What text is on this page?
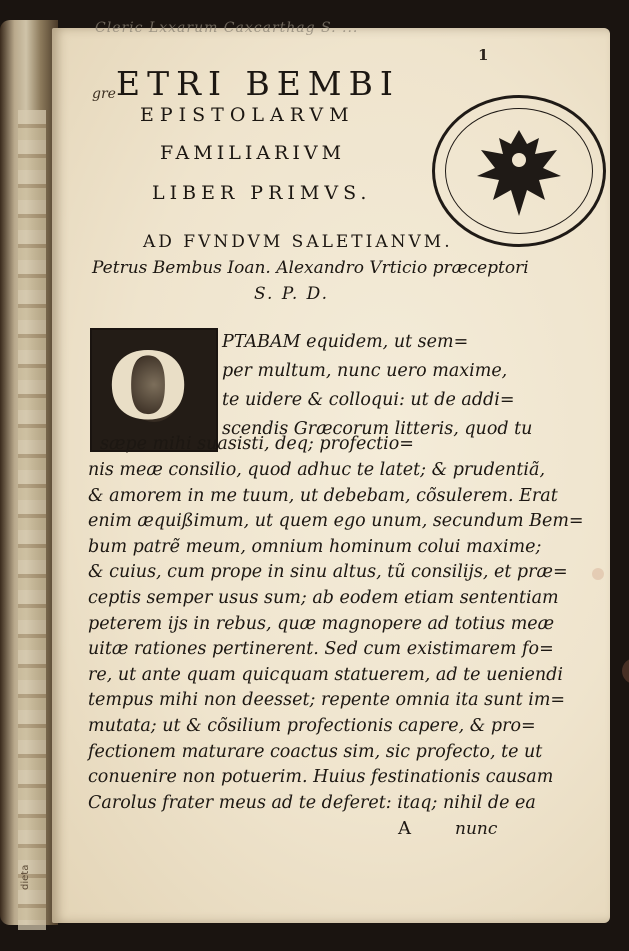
dieta
Cleric Lxxarum Caxcarthag S. ...
1
gre ETRI BEMBI
EPISTOLARVM
FAMILIARIVM
LIBER PRIMVS.
AD FVNDVM SALETIANVM.
Petrus Bembus Ioan. Alexandro Vrticio præceptori
S. P. D.
O PTABAM equidem, ut sem=
per multum, nunc uero maxime,
te uidere & colloqui: ut de addi=
scendis Græcorum litteris, quod tu
sæpe mihi suasisti, deq; profectio=
nis meæ consilio, quod adhuc te latet; & prudentiã,
& amorem in me tuum, ut debebam, cõsulerem. Erat
enim æquißimum, ut quem ego unum, secundum Bem=
bum patrẽ meum, omnium hominum colui maxime;
& cuius, cum prope in sinu altus, tũ consilijs, et præ=
ceptis semper usus sum; ab eodem etiam sententiam
peterem ijs in rebus, quæ magnopere ad totius meæ
uitæ rationes pertinerent. Sed cum existimarem fo=
re, ut ante quam quicquam statuerem, ad te ueniendi
tempus mihi non deesset; repente omnia ita sunt im=
mutata; ut & cõsilium profectionis capere, & pro=
fectionem maturare coactus sim, sic profecto, te ut
conuenire non potuerim. Huius festinationis causam
Carolus frater meus ad te deferet: itaq; nihil de ea
A	nunc
